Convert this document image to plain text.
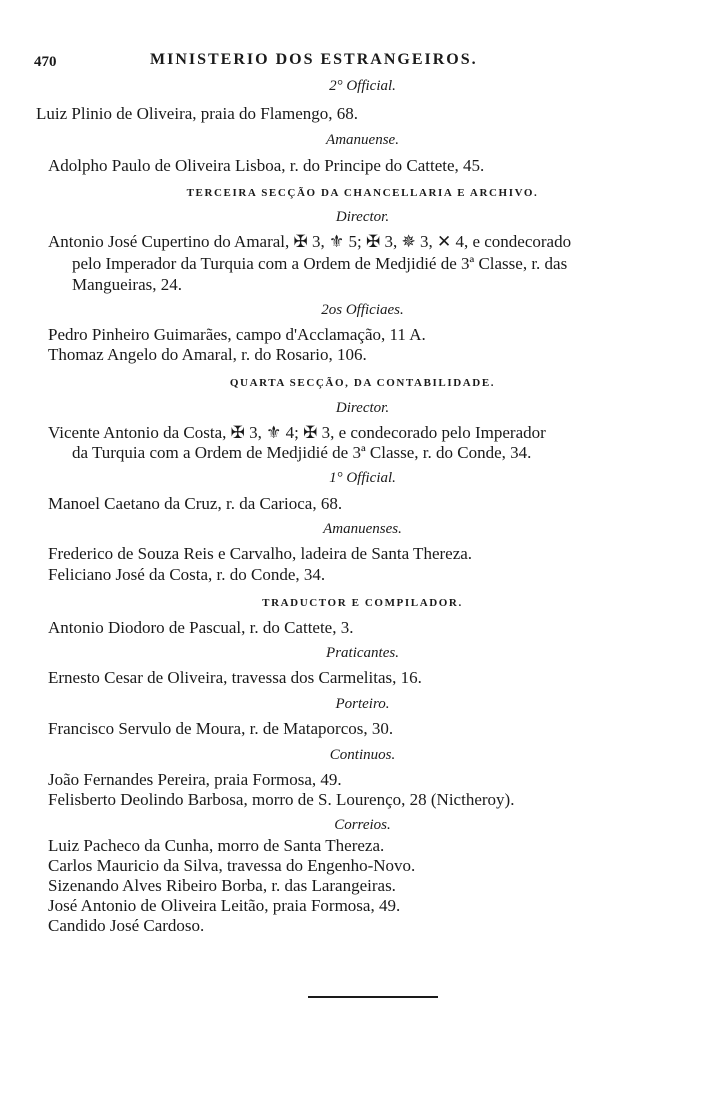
470	MINISTERIO DOS ESTRANGEIROS.
2° Official.
Luiz Plinio de Oliveira, praia do Flamengo, 68.
Amanuense.
Adolpho Paulo de Oliveira Lisboa, r. do Principe do Cattete, 45.
TERCEIRA SECÇÃO DA CHANCELLARIA E ARCHIVO.
Director.
Antonio José Cupertino do Amaral, ✠ 3, ⚜ 5; ✠ 3, ✵ 3, ✕ 4, e condecorado
pelo Imperador da Turquia com a Ordem de Medjidié de 3ª Classe, r. das
Mangueiras, 24.
2os Officiaes.
Pedro Pinheiro Guimarães, campo d'Acclamação, 11 A.
Thomaz Angelo do Amaral, r. do Rosario, 106.
QUARTA SECÇÃO, DA CONTABILIDADE.
Director.
Vicente Antonio da Costa, ✠ 3, ⚜ 4; ✠ 3, e condecorado pelo Imperador
da Turquia com a Ordem de Medjidié de 3ª Classe, r. do Conde, 34.
1° Official.
Manoel Caetano da Cruz, r. da Carioca, 68.
Amanuenses.
Frederico de Souza Reis e Carvalho, ladeira de Santa Thereza.
Feliciano José da Costa, r. do Conde, 34.
TRADUCTOR E COMPILADOR.
Antonio Diodoro de Pascual, r. do Cattete, 3.
Praticantes.
Ernesto Cesar de Oliveira, travessa dos Carmelitas, 16.
Porteiro.
Francisco Servulo de Moura, r. de Mataporcos, 30.
Continuos.
João Fernandes Pereira, praia Formosa, 49.
Felisberto Deolindo Barbosa, morro de S. Lourenço, 28 (Nictheroy).
Correios.
Luiz Pacheco da Cunha, morro de Santa Thereza.
Carlos Mauricio da Silva, travessa do Engenho-Novo.
Sizenando Alves Ribeiro Borba, r. das Larangeiras.
José Antonio de Oliveira Leitão, praia Formosa, 49.
Candido José Cardoso.
